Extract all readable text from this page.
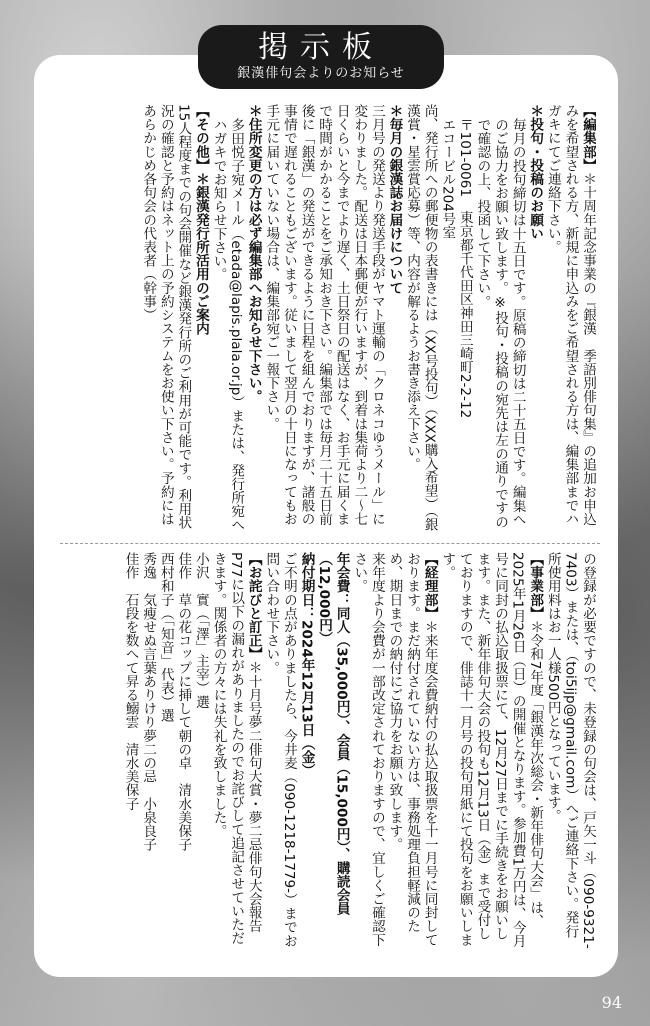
掲示板
銀漢俳句会よりのお知らせ

【編集部】＊十周年記念事業の『銀漢　季語別俳句集』の追加お申込みを希望される方、新規に申込みをご希望される方は、編集部までハガキにてご連絡下さい。

＊投句・投稿のお願い

毎月の投句締切は十五日です。原稿の締切は二十五日です。編集へのご協力をお願い致します。※投句・投稿の宛先は左の通りですので確認の上、投函して下さい。

〒101-0061　東京都千代田区神田三崎町2-2-12

エコービル204号室

尚、発行所への郵便物の表書きには（XX号投句）（XXX購入希望）（銀漢賞・星雲賞応募）等、内容が解るようお書き添え下さい。

＊毎月の銀漢誌お届けについて

三月号の発送より発送手段がヤマト運輸の「クロネコゆうメール」に変わりました。配送は日本郵便が行いますが、到着は集荷より二〜七日くらいと今までより遅く、土日祭日の配送はなく、お手元に届くまで時間がかかることをご承知おき下さい。編集部では毎月二十五日前後に「銀漢」の発送ができるように日程を組んでおりますが、諸般の事情で遅れることもございます。従いまして翌月の十日になってもお手元に届いていない場合は、編集部宛ご一報下さい。

＊住所変更の方は必ず編集部へお知らせ下さい。

多田悦子宛メール（etada@lapis.plala.or.jp）または、発行所宛へハガキでお知らせ下さい。

【その他】＊銀漢発行所活用のご案内

15人程度までの句会開催など銀漢発行所のご利用が可能です。利用状況の確認と予約はネット上の予約システムをお使い下さい。予約にはあらかじめ各句会の代表者（幹事）

の登録が必要ですので、未登録の句会は、戸矢一斗（090-9321-7403）または、（toi5ijp@gmail.com）へご連絡下さい。発行所使用料はお一人様500円となっています。

【事業部】＊令和7年度「銀漢年次総会・新年俳句大会」は、2025年1月26日（日）の開催となります。参加費1万円は、今月号に同封の払込取扱票にて、12月27日までに手続きをお願いします。また、新年俳句大会の投句も12月13日（金）まで受付しておりますので、俳誌十一月号の投句用紙にて投句をお願いします。

【経理部】＊来年度会費納付の払込取扱票を十一月号に同封しております。まだ納付されていない方は、事務処理負担軽減のため、期日までの納付にご協力をお願い致します。

来年度より会費が一部改定されておりますので、宜しくご確認下さい。

年会費：同人（35,000円）、会員（15,000円）、購読会員（12,000円）

納付期日：2024年12月13日（金）

ご不明の点がありましたら、今井麦（090-1218-1779-）までお問い合わせ下さい。

【お詫びと訂正】＊十月号夢二俳句大賞・夢二忌俳句大会報告P77に以下の漏れがありましたのでお詫びして追記させていただきます。関係者の方々には失礼を致しました。

小沢　實（「澤」主宰）選

佳作　草の花コップに挿して朝の卓　清水美保子

西村和子（「知音」代表）選

秀逸　気瘦せぬ言葉ありけり夢二の忌　小泉良子

佳作　石段を数へて昇る鰯雲　清水美保子

94
